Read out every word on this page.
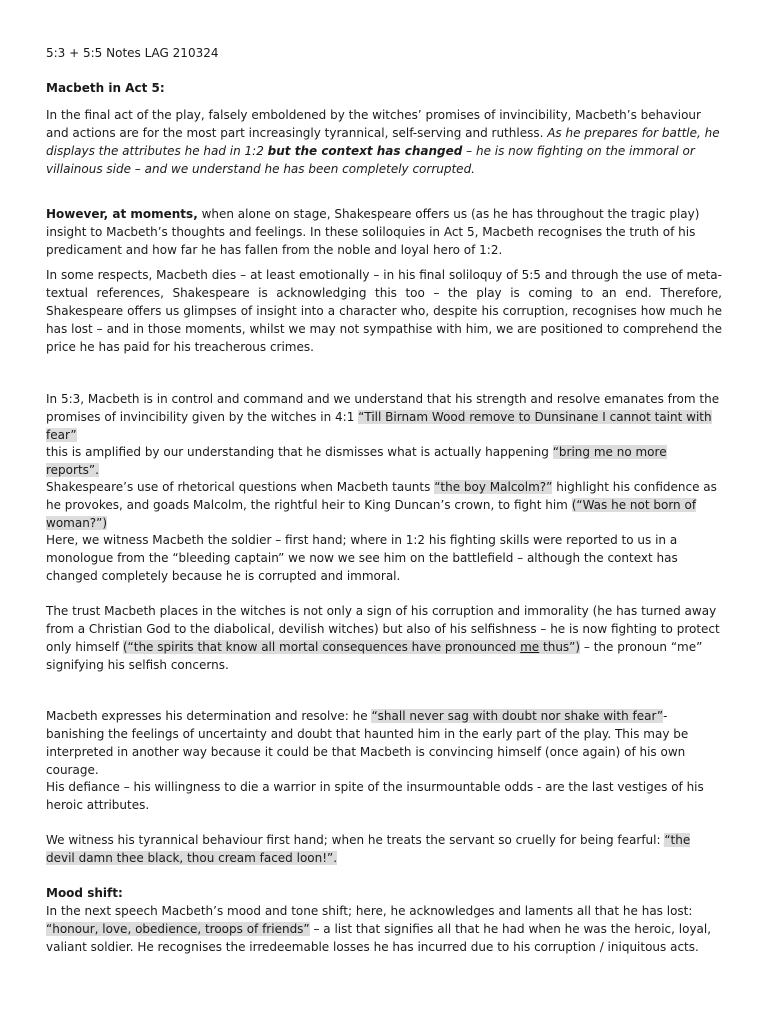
5:3 + 5:5 Notes LAG 210324
Macbeth in Act 5:
In the final act of the play, falsely emboldened by the witches’ promises of invincibility, Macbeth’s behaviour and actions are for the most part increasingly tyrannical, self-serving and ruthless. As he prepares for battle, he displays the attributes he had in 1:2 but the context has changed – he is now fighting on the immoral or villainous side – and we understand he has been completely corrupted.
However, at moments, when alone on stage, Shakespeare offers us (as he has throughout the tragic play) insight to Macbeth’s thoughts and feelings. In these soliloquies in Act 5, Macbeth recognises the truth of his predicament and how far he has fallen from the noble and loyal hero of 1:2.
In some respects, Macbeth dies – at least emotionally – in his final soliloquy of 5:5 and through the use of meta-textual references, Shakespeare is acknowledging this too – the play is coming to an end. Therefore, Shakespeare offers us glimpses of insight into a character who, despite his corruption, recognises how much he has lost – and in those moments, whilst we may not sympathise with him, we are positioned to comprehend the price he has paid for his treacherous crimes.
In 5:3, Macbeth is in control and command and we understand that his strength and resolve emanates from the promises of invincibility given by the witches in 4:1 “Till Birnam Wood remove to Dunsinane I cannot taint with fear”
this is amplified by our understanding that he dismisses what is actually happening “bring me no more reports”.
Shakespeare’s use of rhetorical questions when Macbeth taunts “the boy Malcolm?” highlight his confidence as he provokes, and goads Malcolm, the rightful heir to King Duncan’s crown, to fight him (“Was he not born of woman?”)
Here, we witness Macbeth the soldier – first hand; where in 1:2 his fighting skills were reported to us in a monologue from the “bleeding captain” we now we see him on the battlefield – although the context has changed completely because he is corrupted and immoral.
The trust Macbeth places in the witches is not only a sign of his corruption and immorality (he has turned away from a Christian God to the diabolical, devilish witches) but also of his selfishness – he is now fighting to protect only himself (“the spirits that know all mortal consequences have pronounced me thus”) – the pronoun “me” signifying his selfish concerns.
Macbeth expresses his determination and resolve: he “shall never sag with doubt nor shake with fear”- banishing the feelings of uncertainty and doubt that haunted him in the early part of the play. This may be interpreted in another way because it could be that Macbeth is convincing himself (once again) of his own courage.
His defiance – his willingness to die a warrior in spite of the insurmountable odds - are the last vestiges of his heroic attributes.
We witness his tyrannical behaviour first hand; when he treats the servant so cruelly for being fearful: “the devil damn thee black, thou cream faced loon!”.
Mood shift:
In the next speech Macbeth’s mood and tone shift; here, he acknowledges and laments all that he has lost: “honour, love, obedience, troops of friends” – a list that signifies all that he had when he was the heroic, loyal, valiant soldier. He recognises the irredeemable losses he has incurred due to his corruption / iniquitous acts.
